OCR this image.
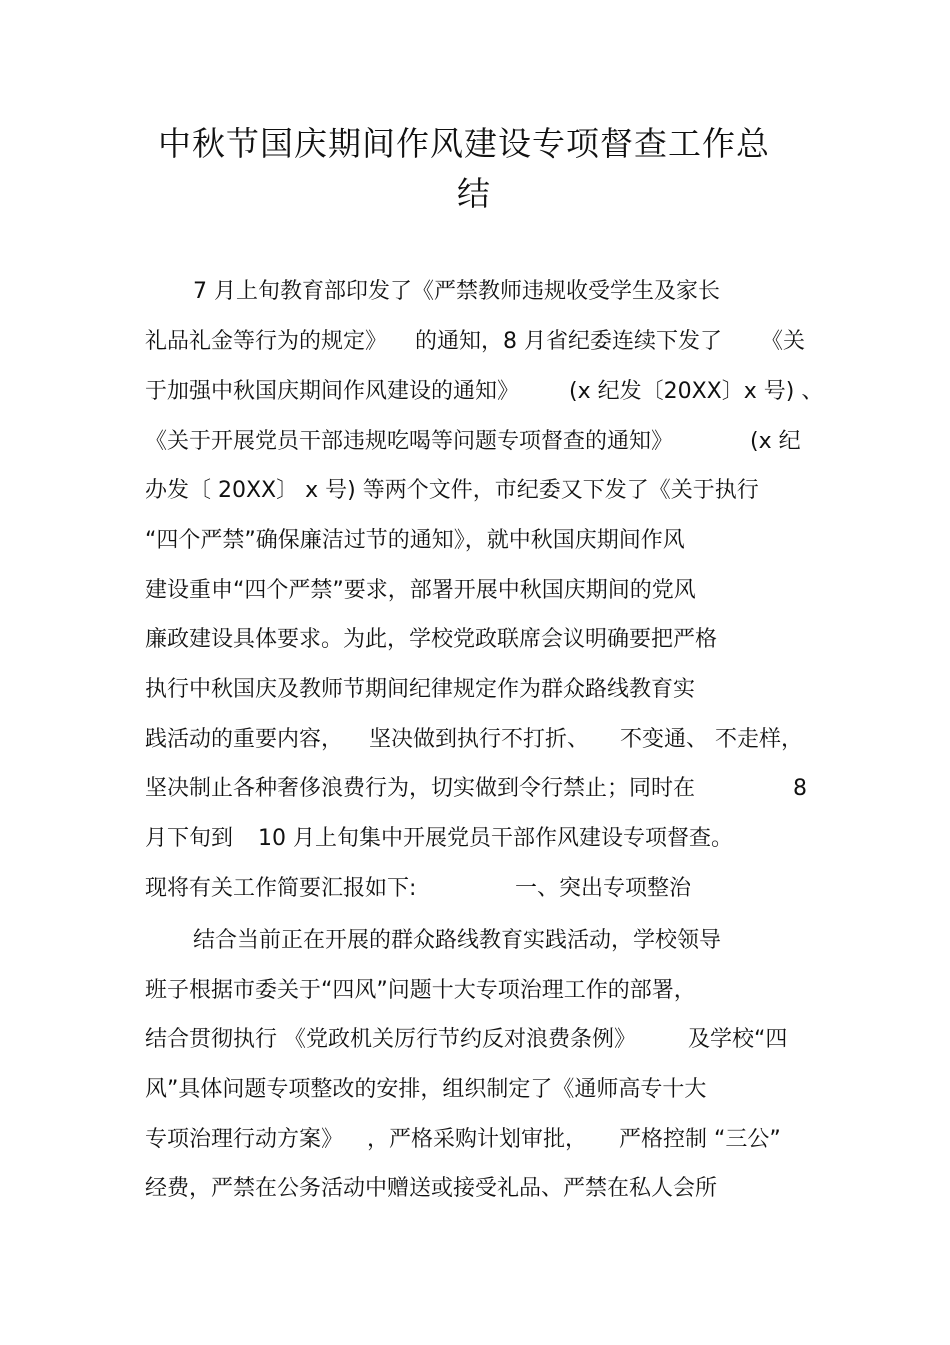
中秋节国庆期间作风建设专项督查工作总
结
7 月上旬教育部印发了《严禁教师违规收受学生及家长
礼品礼金等行为的规定》 的通知，8 月省纪委连续下发了 《关
于加强中秋国庆期间作风建设的通知》 (x 纪发〔20XX〕x 号) 、
《关于开展党员干部违规吃喝等问题专项督查的通知》	(x 纪
办发〔 20XX〕 x 号) 等两个文件，市纪委又下发了《关于执行
“四个严禁”确保廉洁过节的通知》，就中秋国庆期间作风
建设重申“四个严禁”要求，部署开展中秋国庆期间的党风
廉政建设具体要求。为此，学校党政联席会议明确要把严格
执行中秋国庆及教师节期间纪律规定作为群众路线教育实
践活动的重要内容， 坚决做到执行不打折、 不变通、 不走样，
坚决制止各种奢侈浪费行为，切实做到令行禁止；同时在	8
月下旬到 10 月上旬集中开展党员干部作风建设专项督查。
现将有关工作简要汇报如下:	一、突出专项整治
结合当前正在开展的群众路线教育实践活动，学校领导
班子根据市委关于“四风”问题十大专项治理工作的部署，
结合贯彻执行 《党政机关厉行节约反对浪费条例》 及学校“四
风”具体问题专项整改的安排，组织制定了《通师高专十大
专项治理行动方案》 ，严格采购计划审批， 严格控制 “三公”
经费，严禁在公务活动中赠送或接受礼品、严禁在私人会所
